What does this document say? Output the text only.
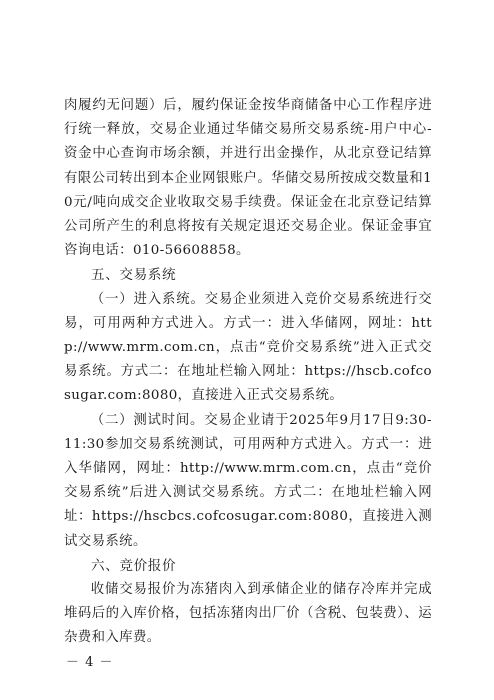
肉履约无问题）后，履约保证金按华商储备中心工作程序进行统一释放，交易企业通过华储交易所交易系统-用户中心-资金中心查询市场余额，并进行出金操作，从北京登记结算有限公司转出到本企业网银账户。华储交易所按成交数量和10元/吨向成交企业收取交易手续费。保证金在北京登记结算公司所产生的利息将按有关规定退还交易企业。保证金事宜咨询电话：010-56608858。

五、交易系统

（一）进入系统。交易企业须进入竞价交易系统进行交易，可用两种方式进入。方式一：进入华储网，网址：http://www.mrm.com.cn，点击“竞价交易系统”进入正式交易系统。方式二：在地址栏输入网址：https://hscb.cofcosugar.com:8080，直接进入正式交易系统。

（二）测试时间。交易企业请于2025年9月17日9:30-11:30参加交易系统测试，可用两种方式进入。方式一：进入华储网，网址：http://www.mrm.com.cn，点击“竞价交易系统”后进入测试交易系统。方式二：在地址栏输入网址：https://hscbcs.cofcosugar.com:8080，直接进入测试交易系统。

六、竞价报价

收储交易报价为冻猪肉入到承储企业的储存冷库并完成堆码后的入库价格，包括冻猪肉出厂价（含税、包装费）、运杂费和入库费。

－ 4 －
